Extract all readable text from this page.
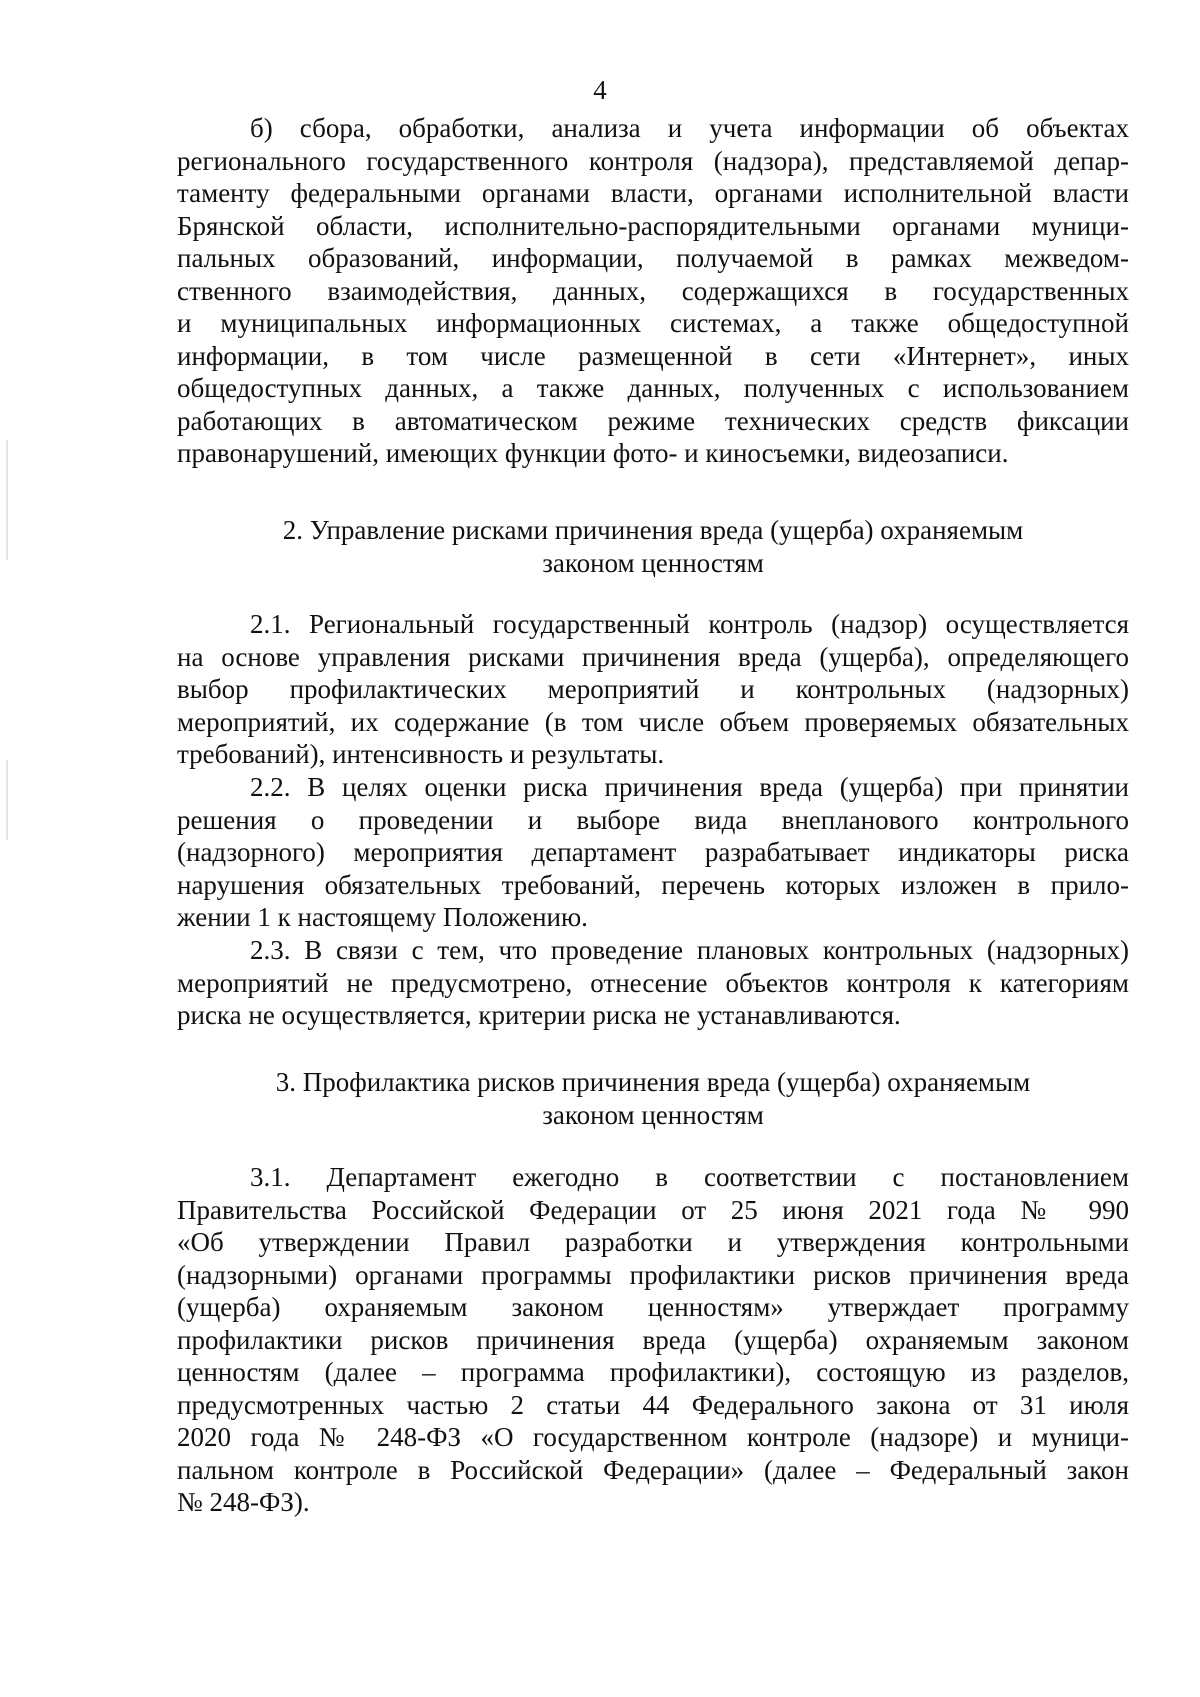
4
б) сбора, обработки, анализа и учета информации об объектах
регионального государственного контроля (надзора), представляемой депар-
таменту федеральными органами власти, органами исполнительной власти
Брянской области, исполнительно-распорядительными органами муници-
пальных образований, информации, получаемой в рамках межведом-
ственного взаимодействия, данных, содержащихся в государственных
и муниципальных информационных системах, а также общедоступной
информации, в том числе размещенной в сети «Интернет», иных
общедоступных данных, а также данных, полученных с использованием
работающих в автоматическом режиме технических средств фиксации
правонарушений, имеющих функции фото- и киносъемки, видеозаписи.
2. Управление рисками причинения вреда (ущерба) охраняемым
законом ценностям
2.1. Региональный государственный контроль (надзор) осуществляется
на основе управления рисками причинения вреда (ущерба), определяющего
выбор профилактических мероприятий и контрольных (надзорных)
мероприятий, их содержание (в том числе объем проверяемых обязательных
требований), интенсивность и результаты.
2.2. В целях оценки риска причинения вреда (ущерба) при принятии
решения о проведении и выборе вида внепланового контрольного
(надзорного) мероприятия департамент разрабатывает индикаторы риска
нарушения обязательных требований, перечень которых изложен в прило-
жении 1 к настоящему Положению.
2.3. В связи с тем, что проведение плановых контрольных (надзорных)
мероприятий не предусмотрено, отнесение объектов контроля к категориям
риска не осуществляется, критерии риска не устанавливаются.
3. Профилактика рисков причинения вреда (ущерба) охраняемым
законом ценностям
3.1. Департамент ежегодно в соответствии с постановлением
Правительства Российской Федерации от 25 июня 2021 года № 990
«Об утверждении Правил разработки и утверждения контрольными
(надзорными) органами программы профилактики рисков причинения вреда
(ущерба) охраняемым законом ценностям» утверждает программу
профилактики рисков причинения вреда (ущерба) охраняемым законом
ценностям (далее – программа профилактики), состоящую из разделов,
предусмотренных частью 2 статьи 44 Федерального закона от 31 июля
2020 года № 248-ФЗ «О государственном контроле (надзоре) и муници-
пальном контроле в Российской Федерации» (далее – Федеральный закон
№ 248-ФЗ).
